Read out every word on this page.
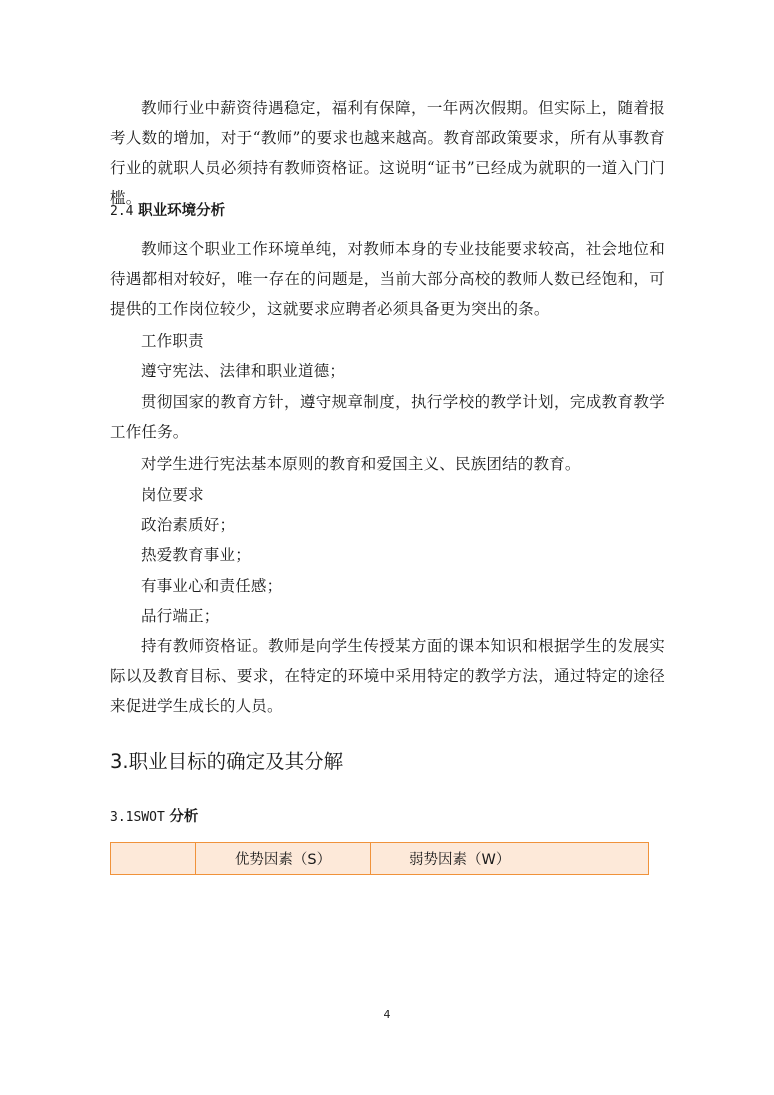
教师行业中薪资待遇稳定，福利有保障，一年两次假期。但实际上，随着报考人数的增加，对于“教师”的要求也越来越高。教育部政策要求，所有从事教育行业的就职人员必须持有教师资格证。这说明“证书”已经成为就职的一道入门门槛。

2.4 职业环境分析

教师这个职业工作环境单纯，对教师本身的专业技能要求较高，社会地位和待遇都相对较好，唯一存在的问题是，当前大部分高校的教师人数已经饱和，可提供的工作岗位较少，这就要求应聘者必须具备更为突出的条。

工作职责

遵守宪法、法律和职业道德；

贯彻国家的教育方针，遵守规章制度，执行学校的教学计划，完成教育教学工作任务。

对学生进行宪法基本原则的教育和爱国主义、民族团结的教育。

岗位要求

政治素质好；

热爱教育事业；

有事业心和责任感；

品行端正；

持有教师资格证。教师是向学生传授某方面的课本知识和根据学生的发展实际以及教育目标、要求，在特定的环境中采用特定的教学方法，通过特定的途径来促进学生成长的人员。

3.职业目标的确定及其分解
3.1SWOT 分析
	优势因素（S）	弱势因素（W）
4
